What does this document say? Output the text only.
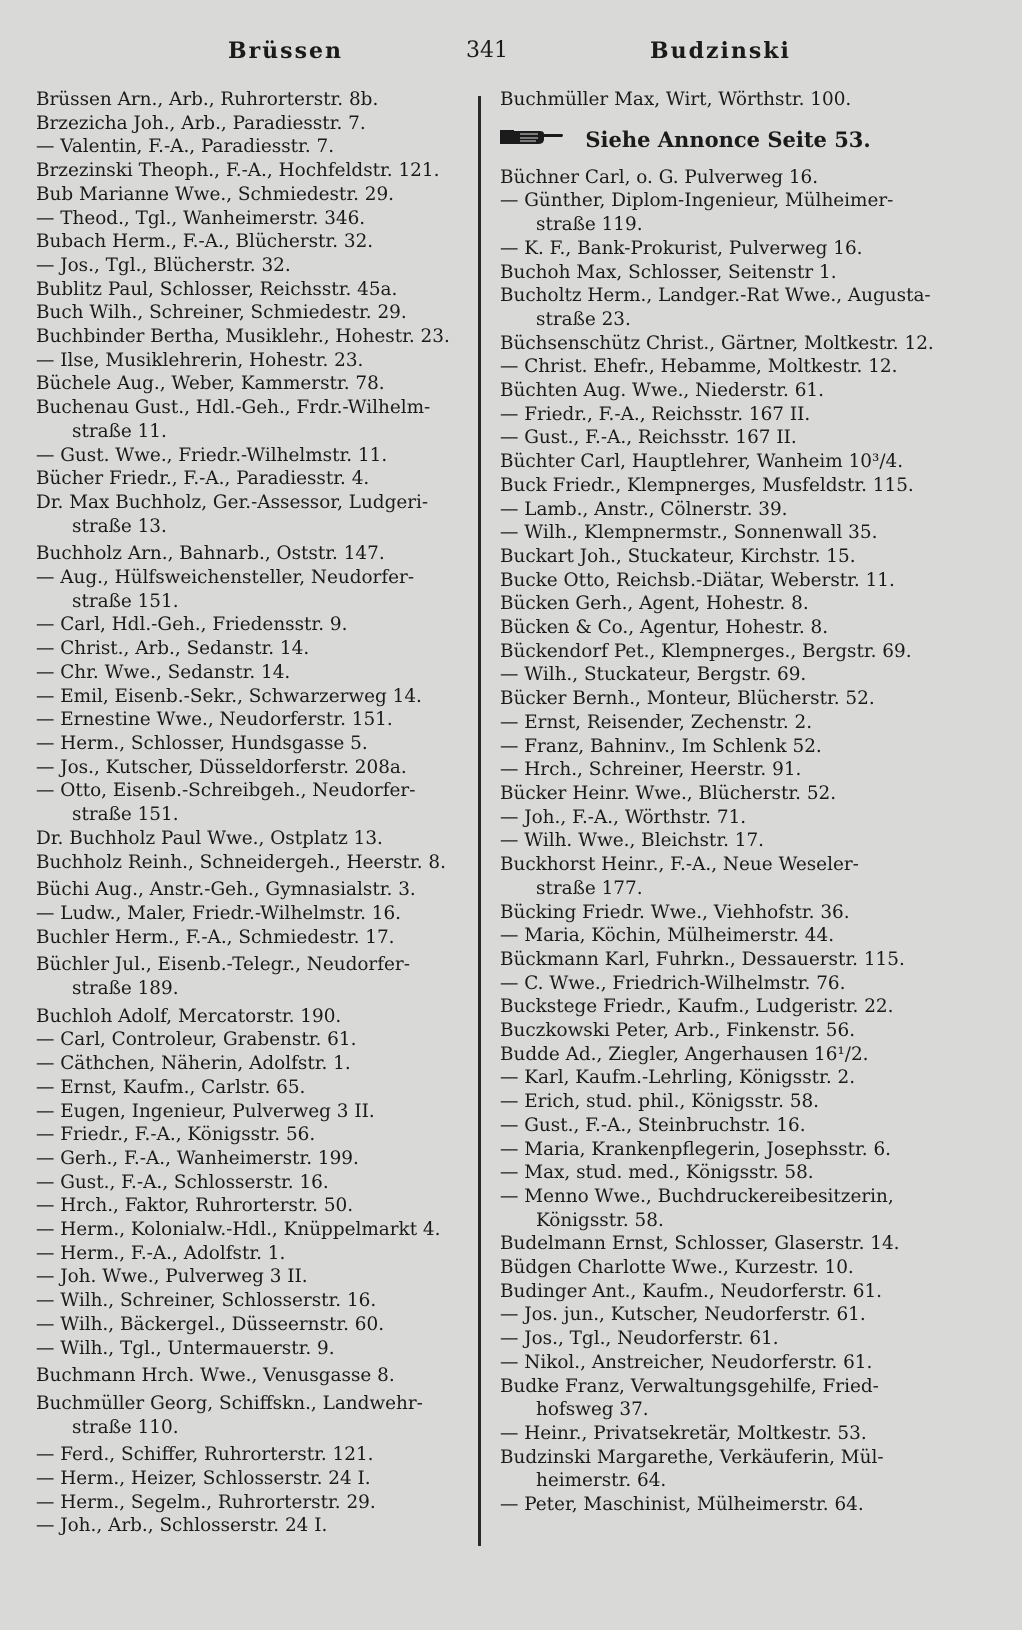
Brüssen	341	Budzinski
Brüssen Arn., Arb., Ruhrorterstr. 8b.
Brzezicha Joh., Arb., Paradiesstr. 7.
— Valentin, F.-A., Paradiesstr. 7.
Brzezinski Theoph., F.-A., Hochfeldstr. 121.
Bub Marianne Wwe., Schmiedestr. 29.
— Theod., Tgl., Wanheimerstr. 346.
Bubach Herm., F.-A., Blücherstr. 32.
— Jos., Tgl., Blücherstr. 32.
Bublitz Paul, Schlosser, Reichsstr. 45a.
Buch Wilh., Schreiner, Schmiedestr. 29.
Buchbinder Bertha, Musiklehr., Hohestr. 23.
— Ilse, Musiklehrerin, Hohestr. 23.
Büchele Aug., Weber, Kammerstr. 78.
Buchenau Gust., Hdl.-Geh., Frdr.-Wilhelm-
straße 11.
— Gust. Wwe., Friedr.-Wilhelmstr. 11.
Bücher Friedr., F.-A., Paradiesstr. 4.
Dr. Max Buchholz, Ger.-Assessor, Ludgeri-
straße 13.
Buchholz Arn., Bahnarb., Oststr. 147.
— Aug., Hülfsweichensteller, Neudorfer-
straße 151.
— Carl, Hdl.-Geh., Friedensstr. 9.
— Christ., Arb., Sedanstr. 14.
— Chr. Wwe., Sedanstr. 14.
— Emil, Eisenb.-Sekr., Schwarzerweg 14.
— Ernestine Wwe., Neudorferstr. 151.
— Herm., Schlosser, Hundsgasse 5.
— Jos., Kutscher, Düsseldorferstr. 208a.
— Otto, Eisenb.-Schreibgeh., Neudorfer-
straße 151.
Dr. Buchholz Paul Wwe., Ostplatz 13.
Buchholz Reinh., Schneidergeh., Heerstr. 8.
Büchi Aug., Anstr.-Geh., Gymnasialstr. 3.
— Ludw., Maler, Friedr.-Wilhelmstr. 16.
Buchler Herm., F.-A., Schmiedestr. 17.
Büchler Jul., Eisenb.-Telegr., Neudorfer-
straße 189.
Buchloh Adolf, Mercatorstr. 190.
— Carl, Controleur, Grabenstr. 61.
— Cäthchen, Näherin, Adolfstr. 1.
— Ernst, Kaufm., Carlstr. 65.
— Eugen, Ingenieur, Pulverweg 3 II.
— Friedr., F.-A., Königsstr. 56.
— Gerh., F.-A., Wanheimerstr. 199.
— Gust., F.-A., Schlosserstr. 16.
— Hrch., Faktor, Ruhrorterstr. 50.
— Herm., Kolonialw.-Hdl., Knüppelmarkt 4.
— Herm., F.-A., Adolfstr. 1.
— Joh. Wwe., Pulverweg 3 II.
— Wilh., Schreiner, Schlosserstr. 16.
— Wilh., Bäckergel., Düsseernstr. 60.
— Wilh., Tgl., Untermauerstr. 9.
Buchmann Hrch. Wwe., Venusgasse 8.
Buchmüller Georg, Schiffskn., Landwehr-
straße 110.
— Ferd., Schiffer, Ruhrorterstr. 121.
— Herm., Heizer, Schlosserstr. 24 I.
— Herm., Segelm., Ruhrorterstr. 29.
— Joh., Arb., Schlosserstr. 24 I.
Buchmüller Max, Wirt, Wörthstr. 100.
Siehe Annonce Seite 53.
Büchner Carl, o. G. Pulverweg 16.
— Günther, Diplom-Ingenieur, Mülheimer-
straße 119.
— K. F., Bank-Prokurist, Pulverweg 16.
Buchoh Max, Schlosser, Seitenstr 1.
Bucholtz Herm., Landger.-Rat Wwe., Augusta-
straße 23.
Büchsenschütz Christ., Gärtner, Moltkestr. 12.
— Christ. Ehefr., Hebamme, Moltkestr. 12.
Büchten Aug. Wwe., Niederstr. 61.
— Friedr., F.-A., Reichsstr. 167 II.
— Gust., F.-A., Reichsstr. 167 II.
Büchter Carl, Hauptlehrer, Wanheim 10³/4.
Buck Friedr., Klempnerges, Musfeldstr. 115.
— Lamb., Anstr., Cölnerstr. 39.
— Wilh., Klempnermstr., Sonnenwall 35.
Buckart Joh., Stuckateur, Kirchstr. 15.
Bucke Otto, Reichsb.-Diätar, Weberstr. 11.
Bücken Gerh., Agent, Hohestr. 8.
Bücken & Co., Agentur, Hohestr. 8.
Bückendorf Pet., Klempnerges., Bergstr. 69.
— Wilh., Stuckateur, Bergstr. 69.
Bücker Bernh., Monteur, Blücherstr. 52.
— Ernst, Reisender, Zechenstr. 2.
— Franz, Bahninv., Im Schlenk 52.
— Hrch., Schreiner, Heerstr. 91.
Bücker Heinr. Wwe., Blücherstr. 52.
— Joh., F.-A., Wörthstr. 71.
— Wilh. Wwe., Bleichstr. 17.
Buckhorst Heinr., F.-A., Neue Weseler-
straße 177.
Bücking Friedr. Wwe., Viehhofstr. 36.
— Maria, Köchin, Mülheimerstr. 44.
Bückmann Karl, Fuhrkn., Dessauerstr. 115.
— C. Wwe., Friedrich-Wilhelmstr. 76.
Buckstege Friedr., Kaufm., Ludgeristr. 22.
Buczkowski Peter, Arb., Finkenstr. 56.
Budde Ad., Ziegler, Angerhausen 16¹/2.
— Karl, Kaufm.-Lehrling, Königsstr. 2.
— Erich, stud. phil., Königsstr. 58.
— Gust., F.-A., Steinbruchstr. 16.
— Maria, Krankenpflegerin, Josephsstr. 6.
— Max, stud. med., Königsstr. 58.
— Menno Wwe., Buchdruckereibesitzerin,
Königsstr. 58.
Budelmann Ernst, Schlosser, Glaserstr. 14.
Büdgen Charlotte Wwe., Kurzestr. 10.
Budinger Ant., Kaufm., Neudorferstr. 61.
— Jos. jun., Kutscher, Neudorferstr. 61.
— Jos., Tgl., Neudorferstr. 61.
— Nikol., Anstreicher, Neudorferstr. 61.
Budke Franz, Verwaltungsgehilfe, Fried-
hofsweg 37.
— Heinr., Privatsekretär, Moltkestr. 53.
Budzinski Margarethe, Verkäuferin, Mül-
heimerstr. 64.
— Peter, Maschinist, Mülheimerstr. 64.
